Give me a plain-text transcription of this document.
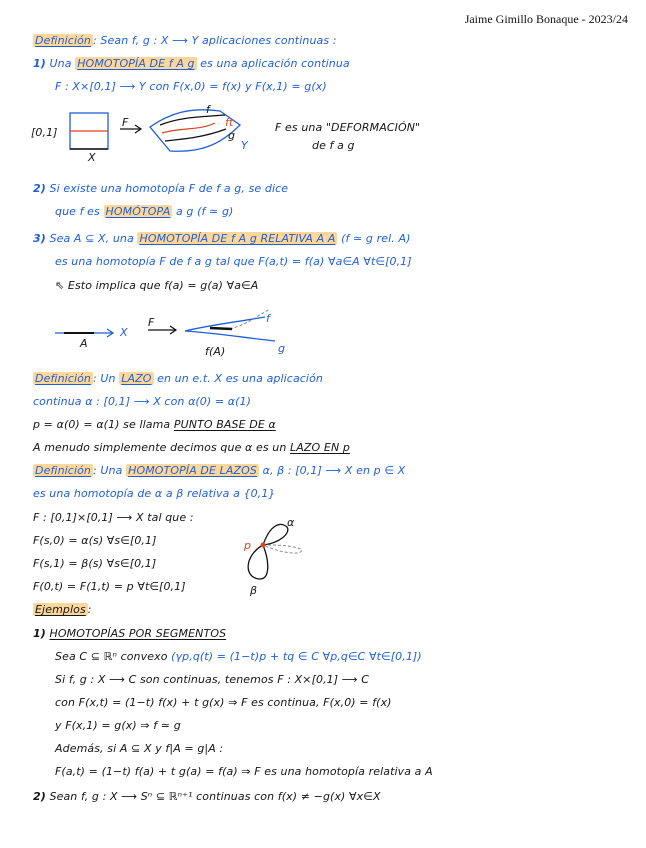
Jaime Gimillo Bonaque - 2023/24
Definición : Sean f, g : X ⟶ Y aplicaciones continuas :
1) Una HOMOTOPÍA DE f A g es una aplicación continua
F : X×[0,1] ⟶ Y con F(x,0) = f(x) y F(x,1) = g(x)
[0,1]
X
F
f
ft
g
Y
F es una "DEFORMACIÓN"
de f a g
2) Si existe una homotopía F de f a g, se dice
que f es HOMÓTOPA a g (f ≃ g)
3) Sea A ⊆ X, una HOMOTOPÍA DE f A g RELATIVA A A (f ≃ g rel. A)
es una homotopía F de f a g tal que F(a,t) = f(a) ∀a∈A ∀t∈[0,1]
⇖ Esto implica que f(a) = g(a) ∀a∈A
A
X
F
f(A)
f
g
Definición : Un LAZO en un e.t. X es una aplicación
continua α : [0,1] ⟶ X con α(0) = α(1)
p = α(0) = α(1) se llama PUNTO BASE DE α
A menudo simplemente decimos que α es un LAZO EN p
Definición : Una HOMOTOPÍA DE LAZOS α, β : [0,1] ⟶ X en p ∈ X
es una homotopía de α a β relativa a {0,1}
F : [0,1]×[0,1] ⟶ X tal que :
F(s,0) = α(s) ∀s∈[0,1]
F(s,1) = β(s) ∀s∈[0,1]
F(0,t) = F(1,t) = p ∀t∈[0,1]
α
β
p
Ejemplos :
1) HOMOTOPÍAS POR SEGMENTOS
Sea C ⊆ ℝⁿ convexo (γp,q(t) = (1−t)p + tq ∈ C ∀p,q∈C ∀t∈[0,1])
Si f, g : X ⟶ C son continuas, tenemos F : X×[0,1] ⟶ C
con F(x,t) = (1−t) f(x) + t g(x) ⇒ F es continua, F(x,0) = f(x)
y F(x,1) = g(x) ⇒ f ≃ g
Además, si A ⊆ X y f|A = g|A :
F(a,t) = (1−t) f(a) + t g(a) = f(a) ⇒ F es una homotopía relativa a A
2) Sean f, g : X ⟶ Sⁿ ⊆ ℝⁿ⁺¹ continuas con f(x) ≠ −g(x) ∀x∈X
